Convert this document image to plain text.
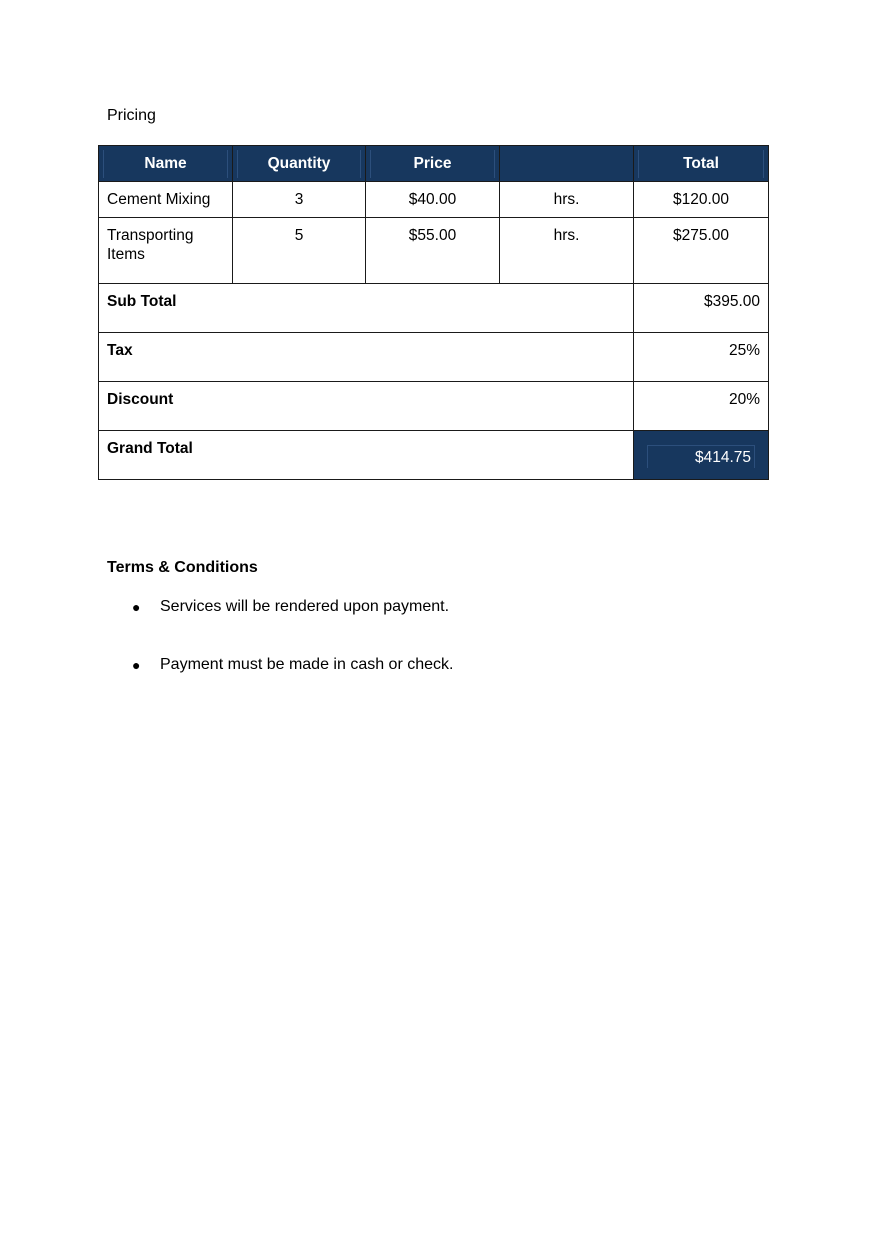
Pricing
Name	Quantity	Price		Total

Cement Mixing	3	$40.00	hrs.	$120.00
Transporting Items	5	$55.00	hrs.	$275.00
Sub Total				$395.00
Tax				25%
Discount				20%
Grand Total				$414.75
Terms & Conditions
● Services will be rendered upon payment.
● Payment must be made in cash or check.
